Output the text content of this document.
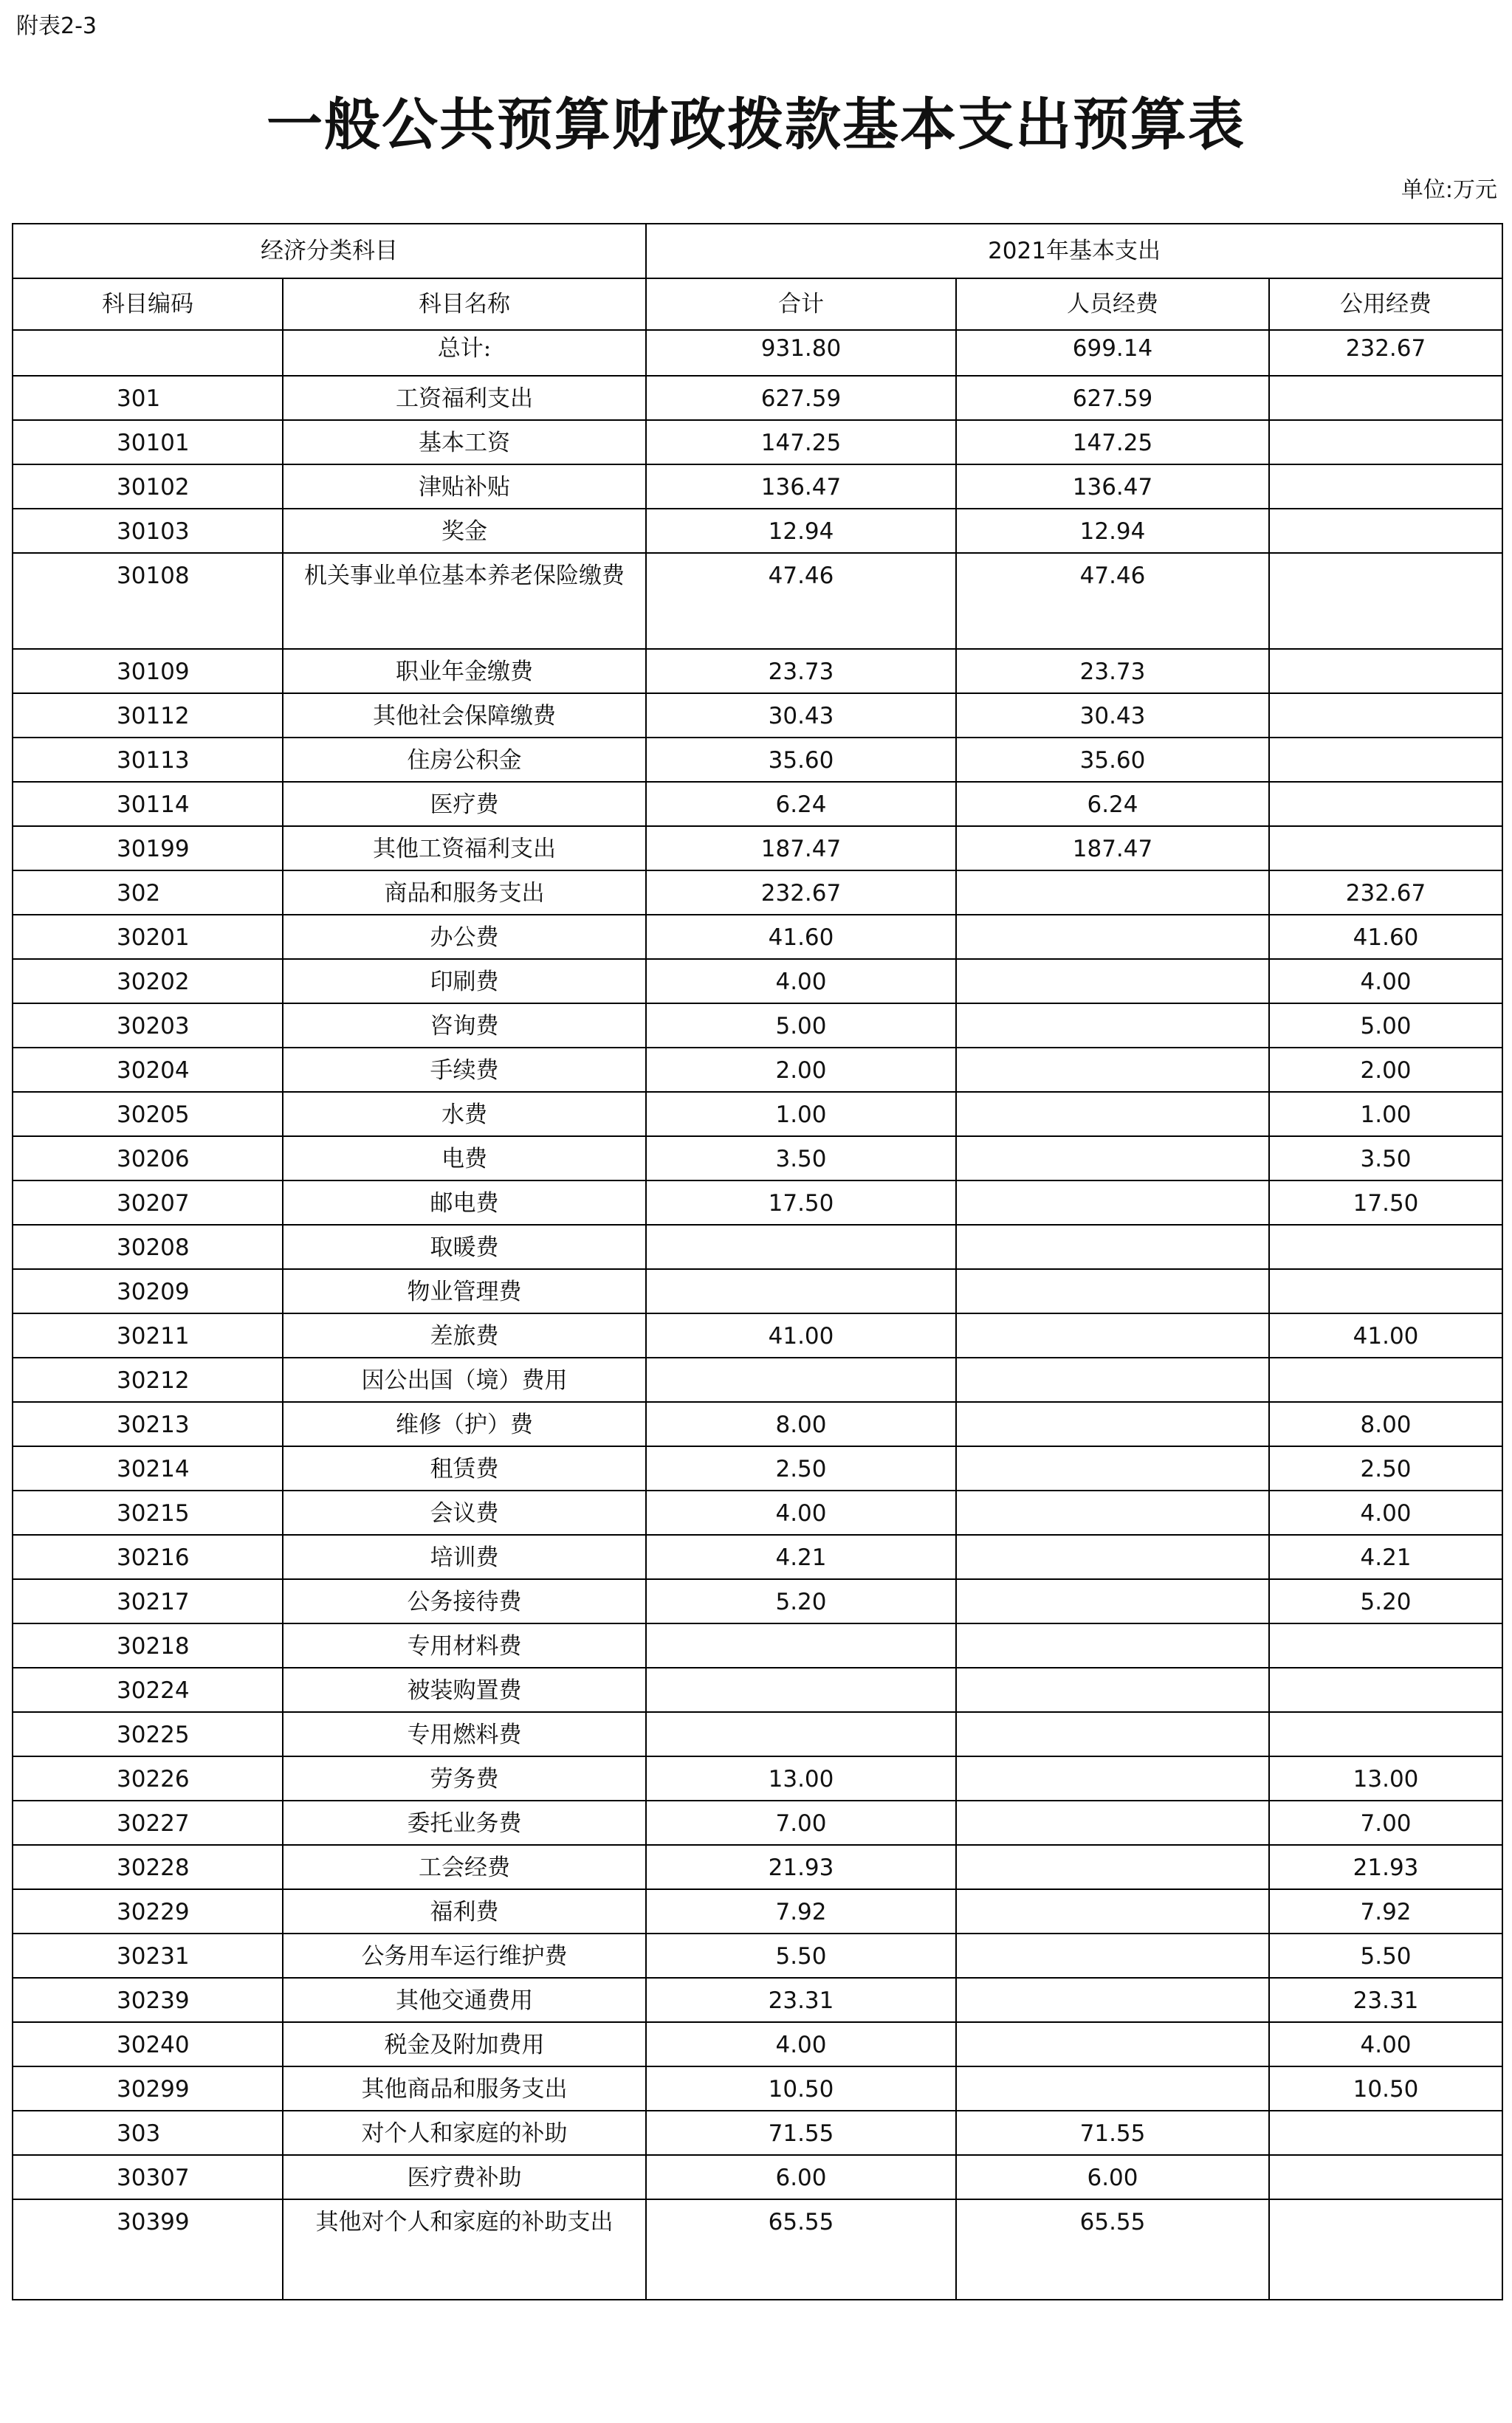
附表2-3
一般公共预算财政拨款基本支出预算表
单位:万元
经济分类科目		2021年基本支出		
科目编码	科目名称	合计	人员经费	公用经费
	总计:	931.80	699.14	232.67
301	工资福利支出	627.59	627.59	
30101	基本工资	147.25	147.25	
30102	津贴补贴	136.47	136.47	
30103	奖金	12.94	12.94	
30108	机关事业单位基本养老保险缴费	47.46	47.46	
30109	职业年金缴费	23.73	23.73	
30112	其他社会保障缴费	30.43	30.43	
30113	住房公积金	35.60	35.60	
30114	医疗费	6.24	6.24	
30199	其他工资福利支出	187.47	187.47	
302	商品和服务支出	232.67		232.67
30201	办公费	41.60		41.60
30202	印刷费	4.00		4.00
30203	咨询费	5.00		5.00
30204	手续费	2.00		2.00
30205	水费	1.00		1.00
30206	电费	3.50		3.50
30207	邮电费	17.50		17.50
30208	取暖费			
30209	物业管理费			
30211	差旅费	41.00		41.00
30212	因公出国（境）费用			
30213	维修（护）费	8.00		8.00
30214	租赁费	2.50		2.50
30215	会议费	4.00		4.00
30216	培训费	4.21		4.21
30217	公务接待费	5.20		5.20
30218	专用材料费			
30224	被装购置费			
30225	专用燃料费			
30226	劳务费	13.00		13.00
30227	委托业务费	7.00		7.00
30228	工会经费	21.93		21.93
30229	福利费	7.92		7.92
30231	公务用车运行维护费	5.50		5.50
30239	其他交通费用	23.31		23.31
30240	税金及附加费用	4.00		4.00
30299	其他商品和服务支出	10.50		10.50
303	对个人和家庭的补助	71.55	71.55	
30307	医疗费补助	6.00	6.00	
30399	其他对个人和家庭的补助支出	65.55	65.55	
